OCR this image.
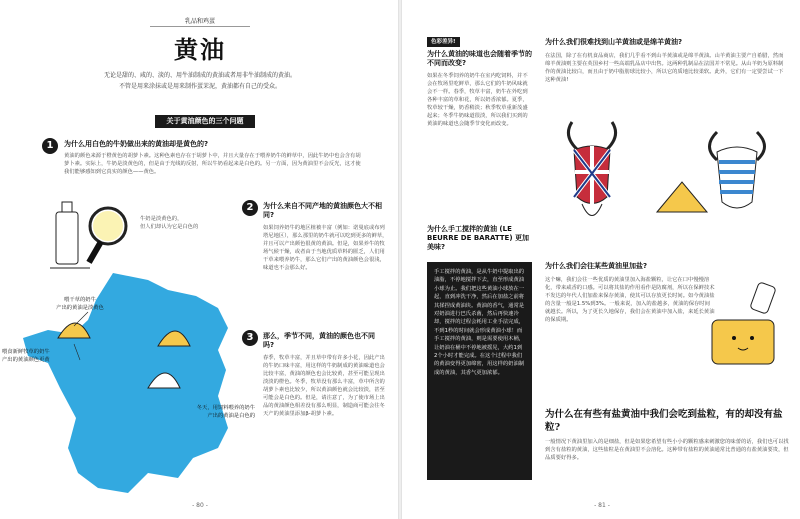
乳品和鸡蛋
黄油
无论是甜的、咸的、淡的、用牛油制成的黄油或者用非牛油制成的黄油。
不管是用来涂抹或是用来制作蛋茉泥，黄油都有自己的受众。
关于黄油颜色的三个问题
1	为什么用白色的牛奶做出来的黄油却是黄色的?
黄油的颜色来源于橙黄色的胡萝卜素。这种色素也存在于胡萝卜中，并且大量存在于喂养奶牛的鲜草中，因此牛奶中也会含有胡萝卜素。实际上，牛奶是淡黄色的，但是由于光线的反射，所以牛奶看起来是白色的。另一方面，因为黄油里不会反光，这才使我们能够感知到它真实的颜色——黄色。
牛奶是淡黄色的，
但人们却认为它是白色的
2	为什么来自不同产地的黄油颜色大不相同?
如果饲养奶牛的地区植被丰富（例如：诺曼底或布列塔尼地区），那么那里的奶牛就可以吃到更多的鲜草，并且可以产出颜色很黄的黄油。但是，如果养牛的牧场气候干燥，或者由于当地优质草料的匮乏，人们用干草来喂养奶牛，那么它们产出的黄油颜色会很浅，味道也不会那么好。
喂干草的奶牛
产出的黄油是淡黄色
喂食新鲜牧草的奶牛
产出的黄油颜色更黄
冬天，用饲料喂养的奶牛
产出的黄油是白色的
3	那么，季节不同，黄油的颜色也不同吗?
春季，牧草丰富，并且草中带有许多小花，因此产出的牛奶口味丰富，用这样的牛奶制成的黄油味道也会比较丰富，黄油的颜色也会比较黄，甚至可能呈现出淡淡的橙色。冬季，牧草没有那么丰富，草中所含的胡萝卜素也比较少，所以黄油颜色就会比较淡，甚至可能会是白色的。但是，请注意了，为了使市场上出品的黄油颜色相差没有那么明显，制造商可能会往冬天产的黄油里添加β-胡萝卜素。
- 80 -
色彩差异!
为什么黄油的味道也会随着季节的不同而改变?
如果在冬季饲养的奶牛在室内吃饲料，并不会在牧场里吃鲜草，那么它们的牛奶风味就会不一样。春季，牧草丰富，奶牛在外吃到各种丰富的草和花，所以奶香浓郁。夏季，牧草较干燥，奶香稍淡；秋季牧草重新茂盛起来；冬季牛奶味道很淡，所以我们买到的黄油的味道也会随季节变化而改变。
为什么手工搅拌的黄油 (LE BEURRE DE BARATTE) 更加美味?
手工搅拌的黄油，是从牛奶中提取出的油脂，不停地搅拌下去，直至形成黄油小球为止。我们把这些黄油小球放在一起，直到冲洗干净，然后在加盐之前将其揉捏成黄油块。黄油的香气，通常是对奶油进行巴氏杀菌，然后再快速冷却，搅拌的过程会耗用工业手法完成，不到1秒的时间就会形成黄油小球！而手工搅拌的黄油，则是需要使用木桶，让奶油在桶中不停地被摇晃，大约1到2个小时才能完成。在这个过程中我们的黄油变得更加绵密，用这样的奶油制成的黄油，其香气更加浓郁。
为什么我们很难找到山羊黄油或是绵羊黄油?
在法国，除了在有机食品商店，我们几乎看不到山羊黄油或是绵羊黄油。山羊黄油主要产自希腊，然而绵羊黄油则主要在英国乡村一些高端乳品店中出售。这两种乳制品在法国并不常见。从山羊奶为原料制作的黄油比较白，而且由于奶中脂肪球比较小，所以它的质地比较柔软。此外，它们有一定要尝试一下这种黄油!
为什么我们会往某些黄油里加盐?
这个嘛，我们会往一些优质的黄油里加入海盐颗粒，让它在口中慢慢溶化，带来咸香的口感。可以将其盐的作用看作是防腐剂，所以在保鲜技术不发达的年代人们加盐来保存黄油，使其可以存放更长时间。如今黄油盐的含量一般是1.5%到3%。一般来说，加入的盐越多，黄油的保存时间就越长。所以，为了更长久地保存，我们会在黄油中加入盐，来延长黄油的保质期。
为什么在有些有盐黄油中我们会吃到盐粒，有的却没有盐粒?
一般情况下黄油里加入的是细盐，但是如果您希望有些小小的颗粒感来刺激您的味蕾的话，我们也可以找到含有盐粒的黄油，这些盐粒是在黄油里不会溶化。这种带有盐粒的黄油通常比普通的有盐黄油要贵，但品质要好得多。
- 81 -
